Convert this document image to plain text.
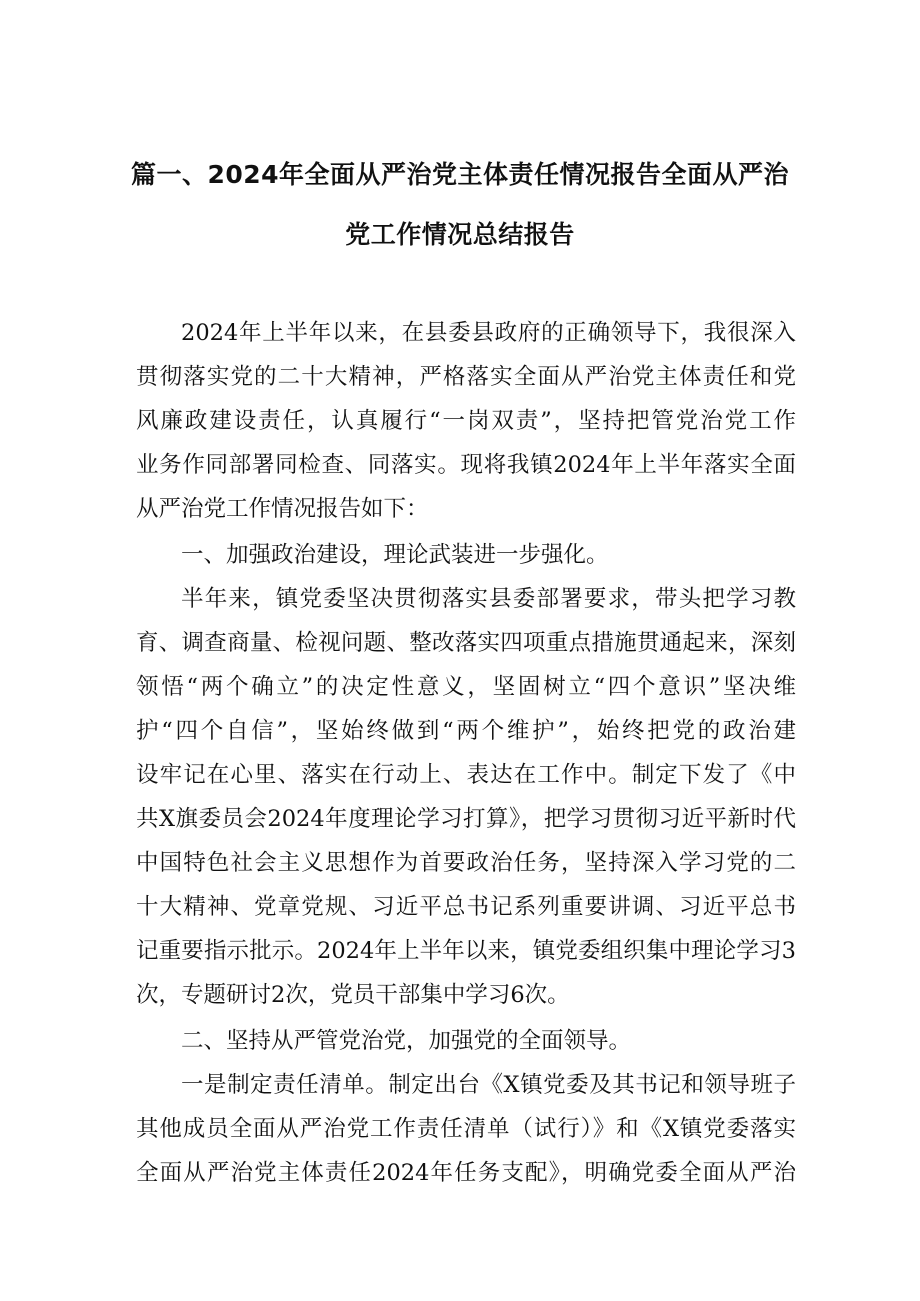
篇一、2024年全面从严治党主体责任情况报告全面从严治
党工作情况总结报告
2024年上半年以来，在县委县政府的正确领导下，我很深入
贯彻落实党的二十大精神，严格落实全面从严治党主体责任和党
风廉政建设责任，认真履行“一岗双责”，坚持把管党治党工作
业务作同部署同检查、同落实。现将我镇2024年上半年落实全面
从严治党工作情况报告如下：
一、加强政治建设，理论武装进一步强化。
半年来，镇党委坚决贯彻落实县委部署要求，带头把学习教
育、调查商量、检视问题、整改落实四项重点措施贯通起来，深刻
领悟“两个确立”的决定性意义，坚固树立“四个意识”坚决维
护“四个自信”，坚始终做到“两个维护”，始终把党的政治建
设牢记在心里、落实在行动上、表达在工作中。制定下发了《中
共X旗委员会2024年度理论学习打算》，把学习贯彻习近平新时代
中国特色社会主义思想作为首要政治任务，坚持深入学习党的二
十大精神、党章党规、习近平总书记系列重要讲调、习近平总书
记重要指示批示。2024年上半年以来，镇党委组织集中理论学习3
次，专题研讨2次，党员干部集中学习6次。
二、坚持从严管党治党，加强党的全面领导。
一是制定责任清单。制定出台《X镇党委及其书记和领导班子
其他成员全面从严治党工作责任清单（试行）》和《X镇党委落实
全面从严治党主体责任2024年任务支配》，明确党委全面从严治
